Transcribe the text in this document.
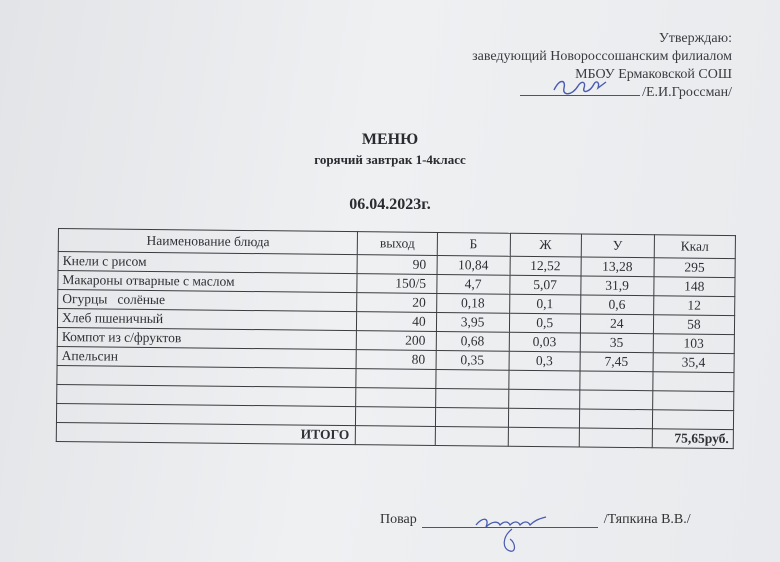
Утверждаю:
заведующий Новороссошанским филиалом
МБОУ Ермаковской СОШ
/Е.И.Гроссман/
МЕНЮ
горячий завтрак 1-4класс
06.04.2023г.
Наименование блюда	выход	Б	Ж	У	Ккал
Кнели с рисом	90	10,84	12,52	13,28	295
Макароны отварные с маслом	150/5	4,7	5,07	31,9	148
Огурцы   солёные	20	0,18	0,1	0,6	12
Хлеб пшеничный	40	3,95	0,5	24	58
Компот из с/фруктов	200	0,68	0,03	35	103
Апельсин	80	0,35	0,3	7,45	35,4

ИТОГО					75,65руб.
Повар	/Тяпкина В.В./
